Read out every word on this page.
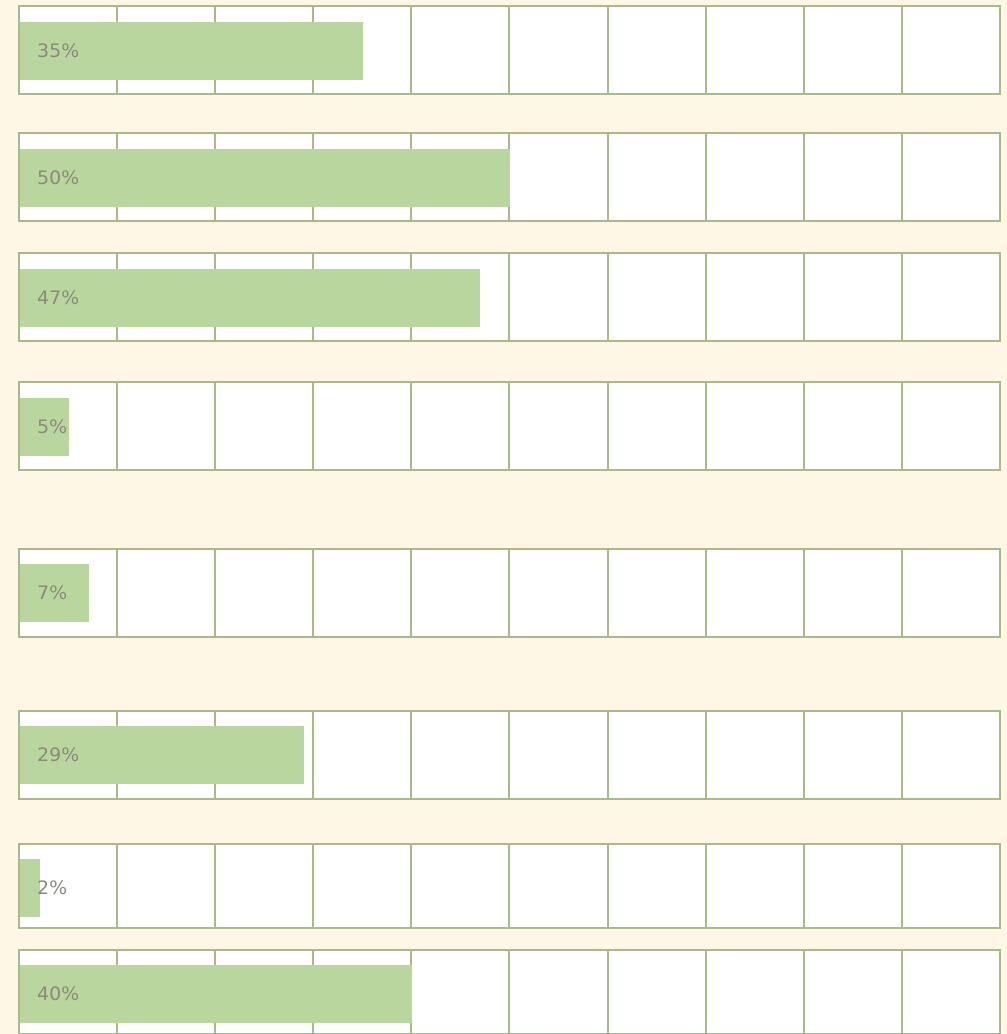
35%
50%
47%
5%
7%
29%
2%
40%
